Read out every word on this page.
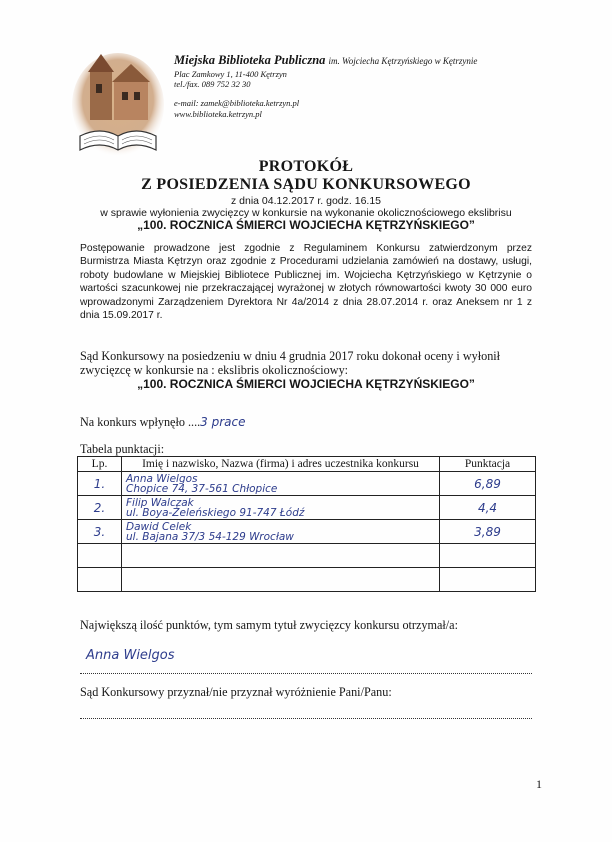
Miejska Biblioteka Publiczna im. Wojciecha Kętrzyńskiego w Kętrzynie
Plac Zamkowy 1, 11-400 Kętrzyn
tel./fax. 089 752 32 30
e-mail: zamek@biblioteka.ketrzyn.pl
www.biblioteka.ketrzyn.pl
PROTOKÓŁ
Z POSIEDZENIA SĄDU KONKURSOWEGO
z dnia 04.12.2017 r. godz. 16.15
w sprawie wyłonienia zwycięzcy w konkursie na wykonanie okolicznościowego ekslibrisu
„100. ROCZNICA ŚMIERCI WOJCIECHA KĘTRZYŃSKIEGO”
Postępowanie prowadzone jest zgodnie z Regulaminem Konkursu zatwierdzonym przez Burmistrza Miasta Kętrzyn oraz zgodnie z Procedurami udzielania zamówień na dostawy, usługi, roboty budowlane w Miejskiej Bibliotece Publicznej im. Wojciecha Kętrzyńskiego w Kętrzynie o wartości szacunkowej nie przekraczającej wyrażonej w złotych równowartości kwoty 30 000 euro wprowadzonymi Zarządzeniem Dyrektora Nr 4a/2014 z dnia 28.07.2014 r. oraz Aneksem nr 1 z dnia 15.09.2017 r.
Sąd Konkursowy na posiedzeniu w dniu 4 grudnia 2017 roku dokonał oceny i wyłonił zwycięzcę w konkursie na : ekslibris okolicznościowy:
„100. ROCZNICA ŚMIERCI WOJCIECHA KĘTRZYŃSKIEGO”
Na konkurs wpłynęło ....3 prace
Tabela punktacji:
Lp.	Imię i nazwisko, Nazwa (firma) i adres uczestnika konkursu	Punktacja
1.	Anna Wielgos
Chopice 74, 37-561 Chłopice	6,89
2.	Filip Walczak
ul. Boya-Żeleńskiego 91-747 Łódź	4,4
3.	Dawid Celek
ul. Bajana 37/3 54-129 Wrocław	3,89

Największą ilość punktów, tym samym tytuł zwycięzcy konkursu otrzymał/a:
Anna Wielgos
Sąd Konkursowy przyznał/nie przyznał wyróżnienie Pani/Panu:
1
